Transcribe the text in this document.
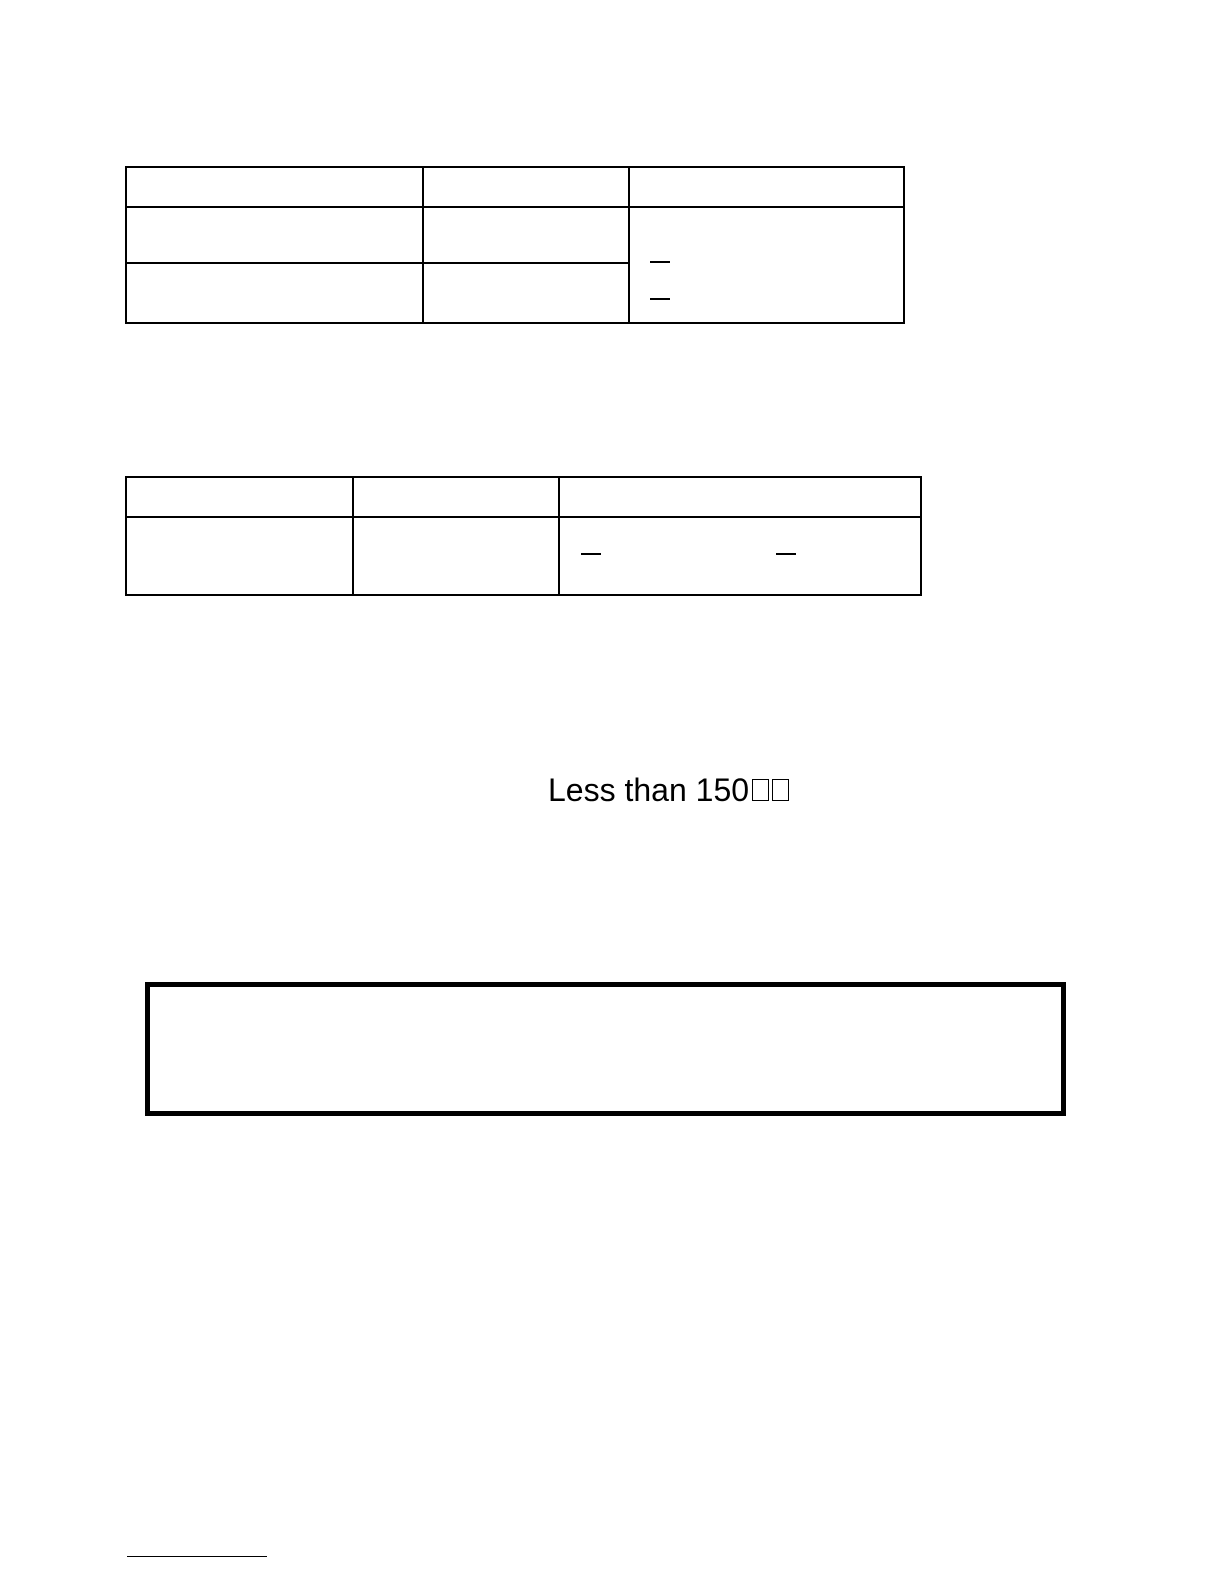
Less than 150
